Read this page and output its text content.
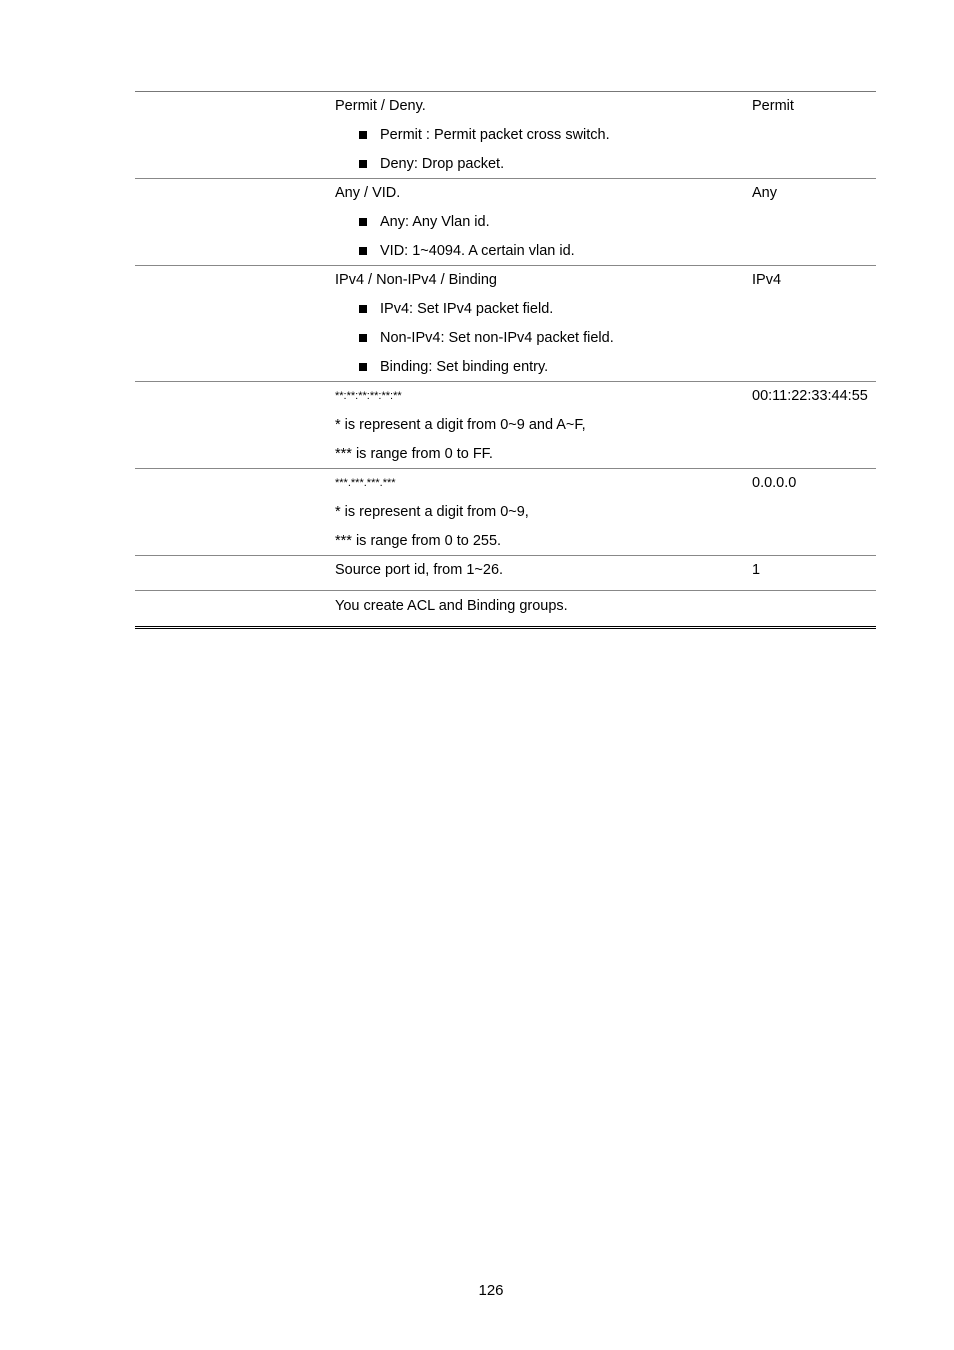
Permit / Deny.
Permit : Permit packet cross switch.
Deny: Drop packet.
Permit
Any / VID.
Any: Any Vlan id.
VID: 1~4094. A certain vlan id.
Any
IPv4 / Non-IPv4 / Binding
IPv4: Set IPv4 packet field.
Non-IPv4: Set non-IPv4 packet field.
Binding: Set binding entry.
IPv4
**:**:**:**:**:**
* is represent a digit from 0~9 and A~F,
*** is range from 0 to FF.
00:11:22:33:44:55
***.***.***.***
* is represent a digit from 0~9,
*** is range from 0 to 255.
0.0.0.0
Source port id, from 1~26.	1
You create ACL and Binding groups.
126
